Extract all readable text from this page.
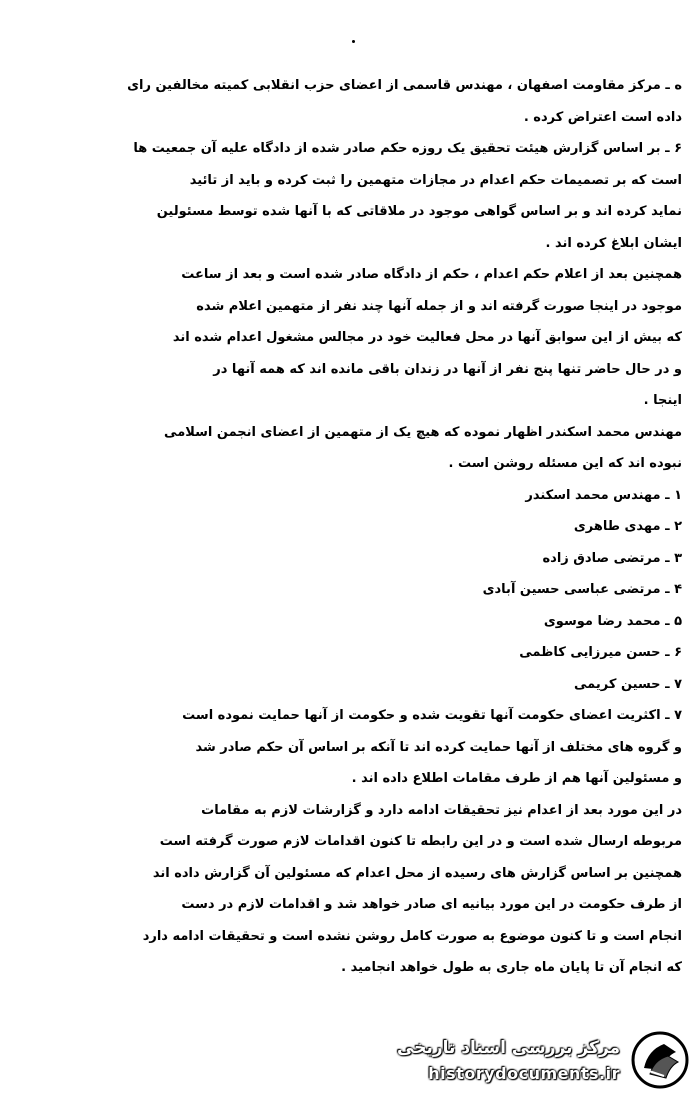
ه ـ مرکز مقاومت اصفهان ، مهندس قاسمی از اعضای حزب انقلابی کمیته مخالفین رای
داده است اعتراض کرده .
۶ ـ بر اساس گزارش هیئت تحقیق یک روزه حکم صادر شده از دادگاه علیه آن جمعیت ها
است که بر تصمیمات حکم اعدام در مجازات متهمین را ثبت کرده و باید از تائید
نماید کرده اند و بر اساس گواهی موجود در ملاقاتی که با آنها شده توسط مسئولین
ایشان ابلاغ کرده اند .
همچنین بعد از اعلام حکم اعدام ، حکم از دادگاه صادر شده است و بعد از ساعت
موجود در اینجا صورت گرفته اند و از جمله آنها چند نفر از متهمین اعلام شده
که بیش از این سوابق آنها در محل فعالیت خود در مجالس مشغول اعدام شده اند
و در حال حاضر تنها پنج نفر از آنها در زندان باقی مانده اند که همه آنها در
اینجا .
مهندس محمد اسکندر اظهار نموده که هیچ یک از متهمین از اعضای انجمن اسلامی
نبوده اند که این مسئله روشن است .
۱ ـ مهندس محمد اسکندر
۲ ـ مهدی طاهری
۳ ـ مرتضی صادق زاده
۴ ـ مرتضی عباسی حسین آبادی
۵ ـ محمد رضا موسوی
۶ ـ حسن میرزایی کاظمی
۷ ـ حسین کریمی
۷ ـ اکثریت اعضای حکومت آنها تقویت شده و حکومت از آنها حمایت نموده است
و گروه های مختلف از آنها حمایت کرده اند تا آنکه بر اساس آن حکم صادر شد
و مسئولین آنها هم از طرف مقامات اطلاع داده اند .
در این مورد بعد از اعدام نیز تحقیقات ادامه دارد و گزارشات لازم به مقامات
مربوطه ارسال شده است و در این رابطه تا کنون اقدامات لازم صورت گرفته است
همچنین بر اساس گزارش های رسیده از محل اعدام که مسئولین آن گزارش داده اند
از طرف حکومت در این مورد بیانیه ای صادر خواهد شد و اقدامات لازم در دست
انجام است و تا کنون موضوع به صورت کامل روشن نشده است و تحقیقات ادامه دارد
که انجام آن تا پایان ماه جاری به طول خواهد انجامید .
مرکز بررسی اسناد تاریخی
historydocuments.ir
